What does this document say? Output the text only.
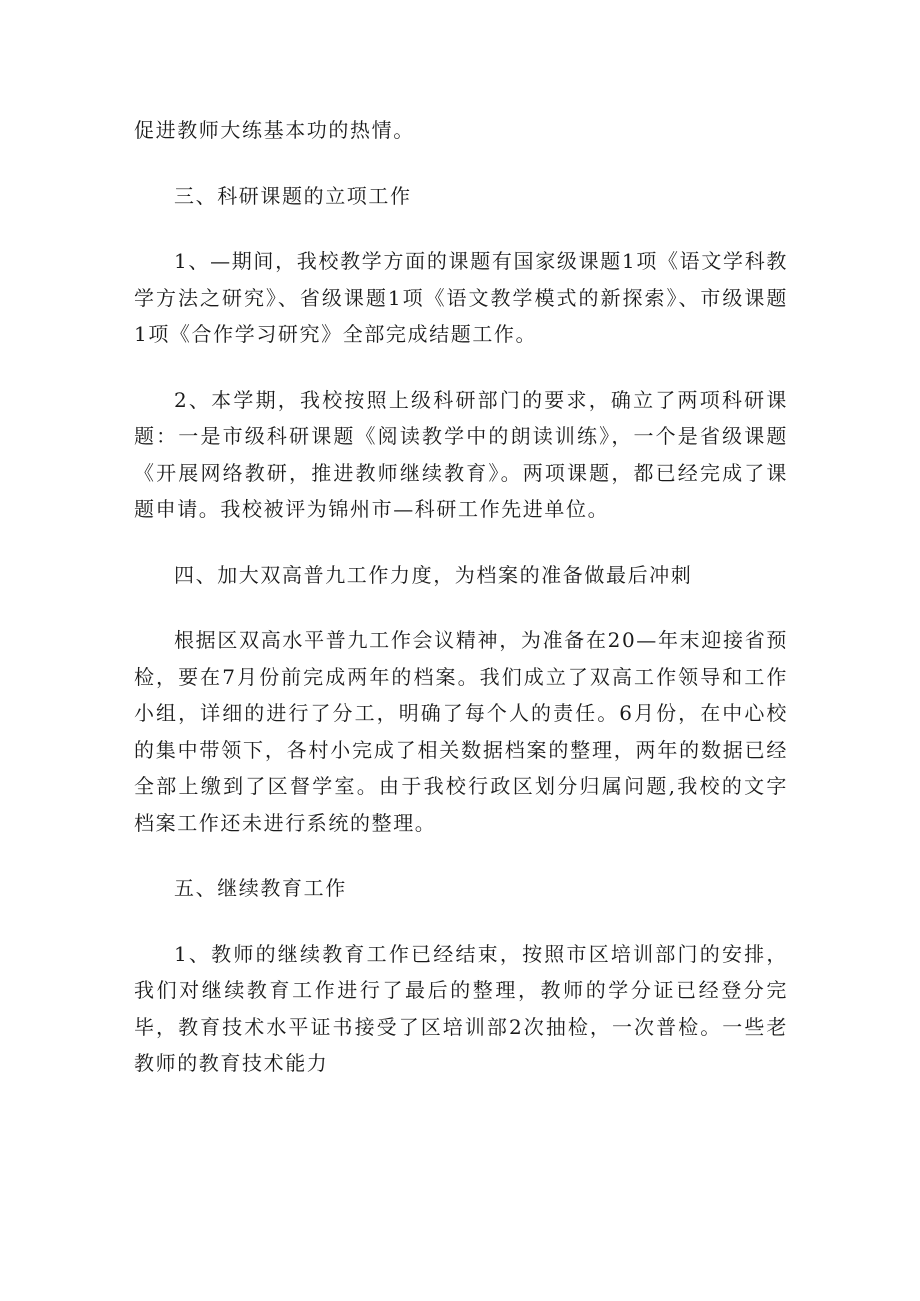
促进教师大练基本功的热情。

三、科研课题的立项工作

1、—期间，我校教学方面的课题有国家级课题1项《语文学科教学方法之研究》、省级课题1项《语文教学模式的新探索》、市级课题1项《合作学习研究》全部完成结题工作。

2、本学期，我校按照上级科研部门的要求，确立了两项科研课题：一是市级科研课题《阅读教学中的朗读训练》，一个是省级课题《开展网络教研，推进教师继续教育》。两项课题，都已经完成了课题申请。我校被评为锦州市—科研工作先进单位。

四、加大双高普九工作力度，为档案的准备做最后冲刺

根据区双高水平普九工作会议精神，为准备在20—年末迎接省预检，要在7月份前完成两年的档案。我们成立了双高工作领导和工作小组，详细的进行了分工，明确了每个人的责任。6月份，在中心校的集中带领下，各村小完成了相关数据档案的整理，两年的数据已经全部上缴到了区督学室。由于我校行政区划分归属问题,我校的文字档案工作还未进行系统的整理。

五、继续教育工作

1、教师的继续教育工作已经结束，按照市区培训部门的安排，我们对继续教育工作进行了最后的整理，教师的学分证已经登分完毕，教育技术水平证书接受了区培训部2次抽检，一次普检。一些老教师的教育技术能力
